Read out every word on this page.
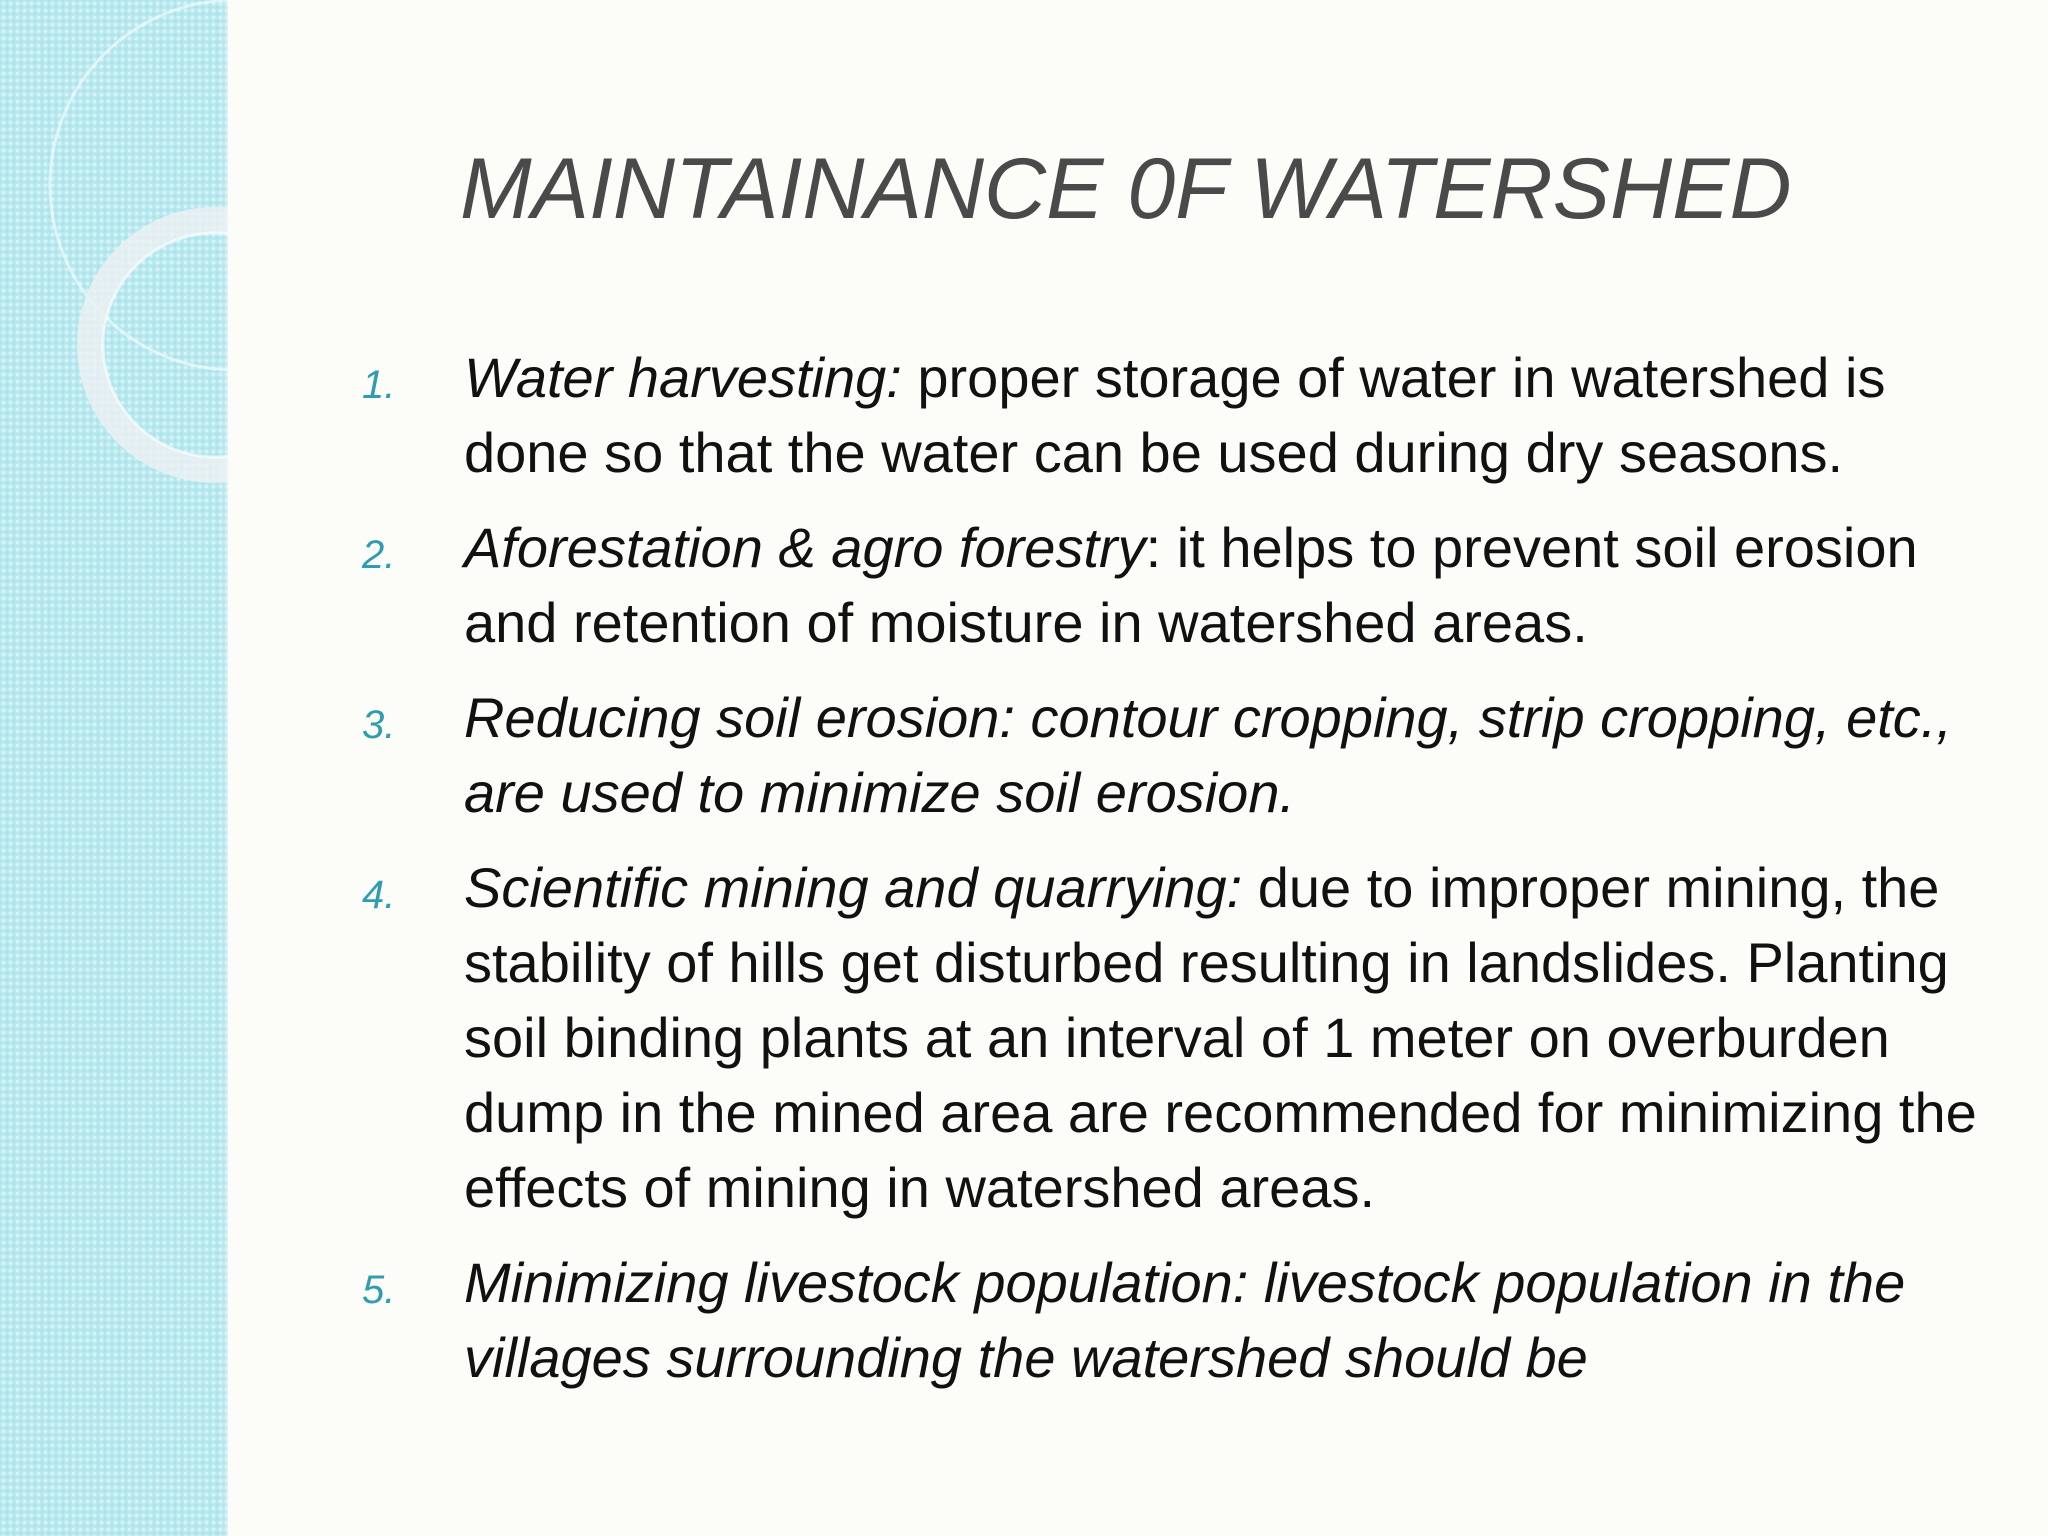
MAINTAINANCE 0F WATERSHED
1. Water harvesting: proper storage of water in watershed is done so that the water can be used during dry seasons.
2. Aforestation & agro forestry: it helps to prevent soil erosion and retention of moisture in watershed areas.
3. Reducing soil erosion: contour cropping, strip cropping, etc., are used to minimize soil erosion.
4. Scientific mining and quarrying: due to improper mining, the stability of hills get disturbed resulting in landslides. Planting soil binding plants at an interval of 1 meter on overburden dump in the mined area are recommended for minimizing the effects of mining in watershed areas.
5. Minimizing livestock population: livestock population in the villages surrounding the watershed should be
